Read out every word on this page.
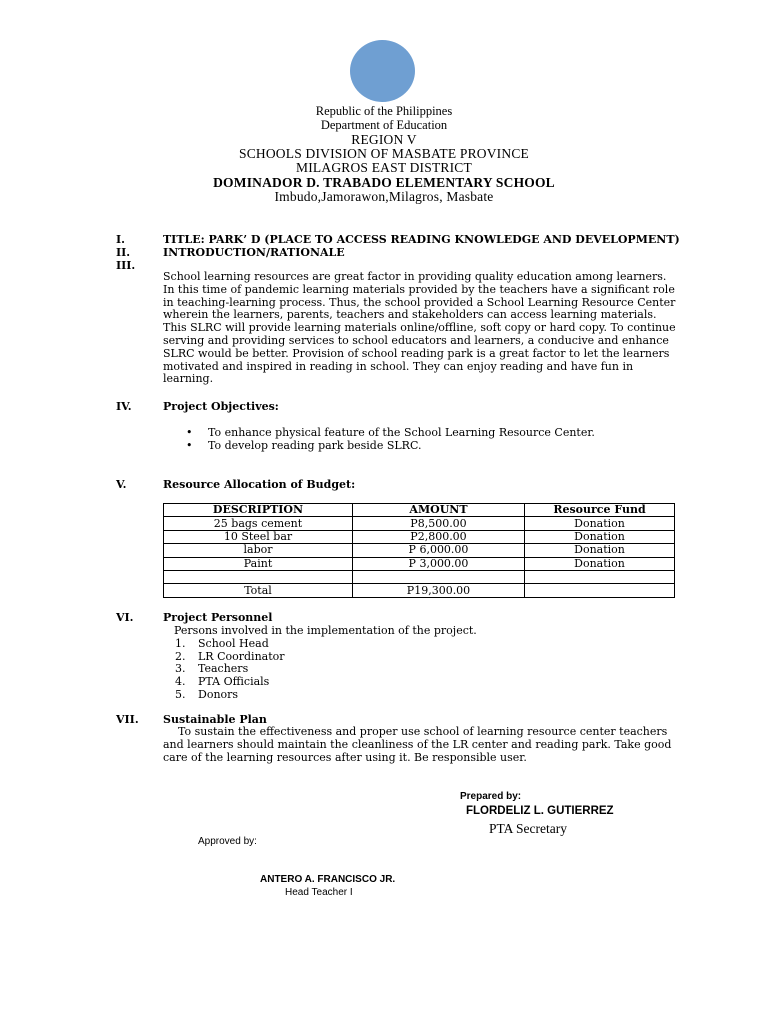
Republic of the Philippines
Department of Education
REGION V
SCHOOLS DIVISION OF MASBATE PROVINCE
MILAGROS EAST DISTRICT
DOMINADOR D. TRABADO ELEMENTARY SCHOOL
Imbudo,Jamorawon,Milagros, Masbate
I.	TITLE: PARK’ D (PLACE TO ACCESS READING KNOWLEDGE AND DEVELOPMENT)
II.	INTRODUCTION/RATIONALE
III.
School learning resources are great factor in providing quality education among learners. In this time of pandemic learning materials provided by the teachers have a significant role in teaching-learning process. Thus, the school provided a School Learning Resource Center wherein the learners, parents, teachers and stakeholders can access learning materials. This SLRC will provide learning materials online/offline, soft copy or hard copy. To continue serving and providing services to school educators and learners, a conducive and enhance SLRC would be better. Provision of school reading park is a great factor to let the learners motivated and inspired in reading in school. They can enjoy reading and have fun in learning.
IV.	Project Objectives:
• To enhance physical feature of the School Learning Resource Center.
• To develop reading park beside SLRC.
V.	Resource Allocation of Budget:
DESCRIPTION	AMOUNT	Resource Fund
25 bags cement	P8,500.00	Donation
10 Steel bar	P2,800.00	Donation
labor	P 6,000.00	Donation
Paint	P 3,000.00	Donation

Total	P19,300.00	
VI.	Project Personnel
Persons involved in the implementation of the project.
1. School Head
2. LR Coordinator
3. Teachers
4. PTA Officials
5. Donors
VII. Sustainable Plan
To sustain the effectiveness and proper use school of learning resource center teachers and learners should maintain the cleanliness of the LR center and reading park. Take good care of the learning resources after using it. Be responsible user.
Prepared by:
FLORDELIZ L. GUTIERREZ
PTA Secretary
Approved by:
ANTERO A. FRANCISCO JR.
Head Teacher I
